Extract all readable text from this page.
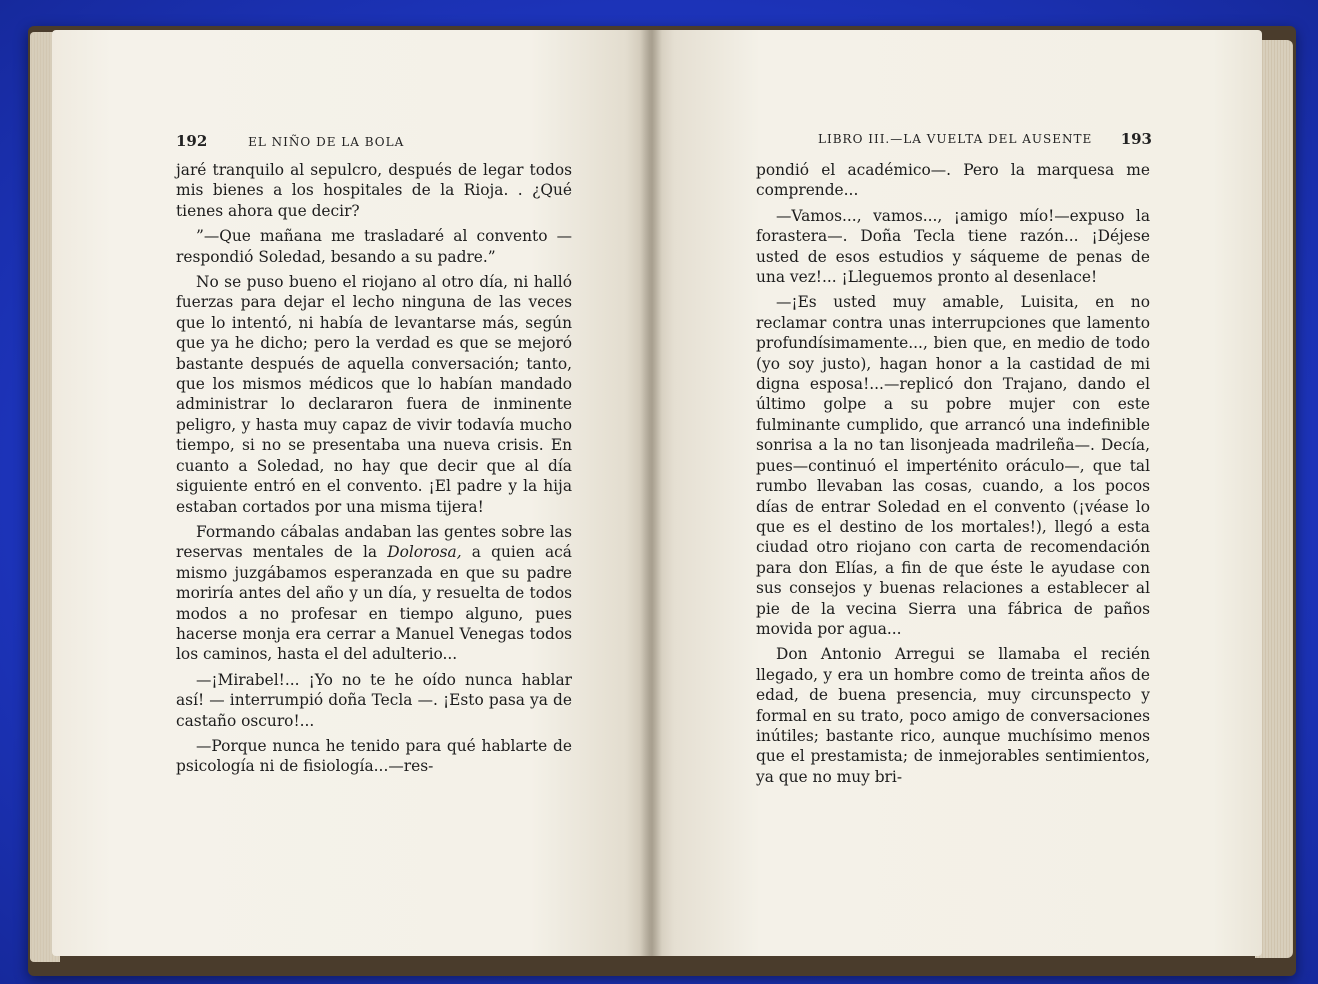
192	EL NIÑO DE LA BOLA	LIBRO III.—LA VUELTA DEL AUSENTE 193

jaré tranquilo al sepulcro, después de legar todos mis bienes a los hospitales de la Rioja. . ¿Qué tienes ahora que decir?

”—Que mañana me trasladaré al convento —respondió Soledad, besando a su padre.”

No se puso bueno el riojano al otro día, ni halló fuerzas para dejar el lecho ninguna de las veces que lo intentó, ni había de levantarse más, según que ya he dicho; pero la verdad es que se mejoró bastante después de aquella conversación; tanto, que los mismos médicos que lo habían mandado administrar lo declararon fuera de inminente peligro, y hasta muy capaz de vivir todavía mucho tiempo, si no se presentaba una nueva crisis. En cuanto a Soledad, no hay que decir que al día siguiente entró en el convento. ¡El padre y la hija estaban cortados por una misma tijera!

Formando cábalas andaban las gentes sobre las reservas mentales de la Dolorosa, a quien acá mismo juzgábamos esperanzada en que su padre moriría antes del año y un día, y resuelta de todos modos a no profesar en tiempo alguno, pues hacerse monja era cerrar a Manuel Venegas todos los caminos, hasta el del adulterio...

—¡Mirabel!... ¡Yo no te he oído nunca hablar así! — interrumpió doña Tecla —. ¡Esto pasa ya de castaño oscuro!...

—Porque nunca he tenido para qué hablarte de psicología ni de fisiología...—res-

pondió el académico—. Pero la marquesa me comprende...

—Vamos..., vamos..., ¡amigo mío!—expuso la forastera—. Doña Tecla tiene razón... ¡Déjese usted de esos estudios y sáqueme de penas de una vez!... ¡Lleguemos pronto al desenlace!

—¡Es usted muy amable, Luisita, en no reclamar contra unas interrupciones que lamento profundísimamente..., bien que, en medio de todo (yo soy justo), hagan honor a la castidad de mi digna esposa!...—replicó don Trajano, dando el último golpe a su pobre mujer con este fulminante cumplido, que arrancó una indefinible sonrisa a la no tan lisonjeada madrileña—. Decía, pues—continuó el imperténito oráculo—, que tal rumbo llevaban las cosas, cuando, a los pocos días de entrar Soledad en el convento (¡véase lo que es el destino de los mortales!), llegó a esta ciudad otro riojano con carta de recomendación para don Elías, a fin de que éste le ayudase con sus consejos y buenas relaciones a establecer al pie de la vecina Sierra una fábrica de paños movida por agua...

Don Antonio Arregui se llamaba el recién llegado, y era un hombre como de treinta años de edad, de buena presencia, muy circunspecto y formal en su trato, poco amigo de conversaciones inútiles; bastante rico, aunque muchísimo menos que el prestamista; de inmejorables sentimientos, ya que no muy bri-
